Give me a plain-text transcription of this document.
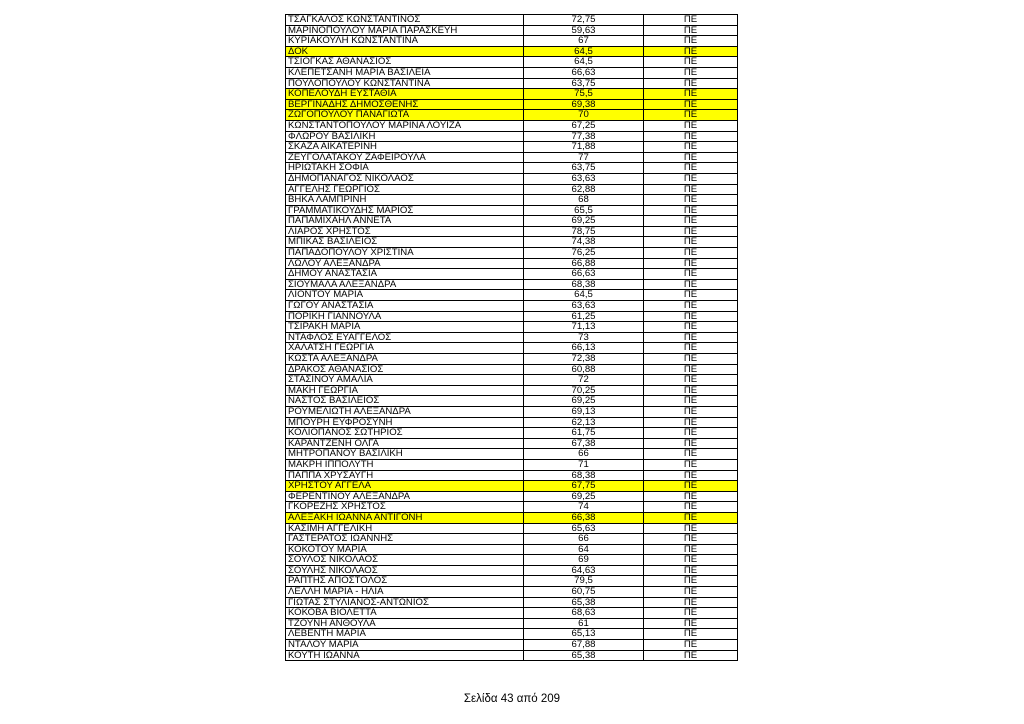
ΤΣΑΓΚΑΛΟΣ ΚΩΝΣΤΑΝΤΙΝΟΣ	72,75	ΠΕ
ΜΑΡΙΝΟΠΟΥΛΟΥ ΜΑΡΙΑ ΠΑΡΑΣΚΕΥΗ	59,63	ΠΕ
ΚΥΡΙΑΚΟΥΛΗ ΚΩΝΣΤΑΝΤΙΝΑ	67	ΠΕ
ΔΟΚ	64,5	ΠΕ
ΤΣΙΟΓΚΑΣ ΑΘΑΝΑΣΙΟΣ	64,5	ΠΕ
ΚΛΕΠΕΤΣΑΝΗ ΜΑΡΙΑ ΒΑΣΙΛΕΙΑ	66,63	ΠΕ
ΠΟΥΛΟΠΟΥΛΟΥ ΚΩΝΣΤΑΝΤΙΝΑ	63,75	ΠΕ
ΚΟΠΕΛΟΥΔΗ ΕΥΣΤΑΘΙΑ	75,5	ΠΕ
ΒΕΡΓΙΝΑΔΗΣ ΔΗΜΟΣΘΕΝΗΣ	69,38	ΠΕ
ΖΩΓΟΠΟΥΛΟΥ ΠΑΝΑΓΙΩΤΑ	70	ΠΕ
ΚΩΝΣΤΑΝΤΟΠΟΥΛΟΥ ΜΑΡΙΝΑ ΛΟΥΙΖΑ	67,25	ΠΕ
ΦΛΩΡΟΥ ΒΑΣΙΛΙΚΗ	77,38	ΠΕ
ΣΚΑΖΑ ΑΙΚΑΤΕΡΙΝΗ	71,88	ΠΕ
ΖΕΥΓΟΛΑΤΑΚΟΥ ΖΑΦΕΙΡΟΥΛΑ	77	ΠΕ
ΗΡΙΩΤΑΚΗ ΣΟΦΙΑ	63,75	ΠΕ
ΔΗΜΟΠΑΝΑΓΟΣ ΝΙΚΟΛΑΟΣ	63,63	ΠΕ
ΑΓΓΕΛΗΣ ΓΕΩΡΓΙΟΣ	62,88	ΠΕ
ΒΗΚΑ ΛΑΜΠΡΙΝΗ	68	ΠΕ
ΓΡΑΜΜΑΤΙΚΟΥΔΗΣ ΜΑΡΙΟΣ	65,5	ΠΕ
ΠΑΠΑΜΙΧΑΗΛ ΑΝΝΕΤΑ	69,25	ΠΕ
ΛΙΑΡΟΣ ΧΡΗΣΤΟΣ	78,75	ΠΕ
ΜΠΙΚΑΣ ΒΑΣΙΛΕΙΟΣ	74,38	ΠΕ
ΠΑΠΑΔΟΠΟΥΛΟΥ ΧΡΙΣΤΙΝΑ	76,25	ΠΕ
ΛΩΛΟΥ ΑΛΕΞΑΝΔΡΑ	66,88	ΠΕ
ΔΗΜΟΥ ΑΝΑΣΤΑΣΙΑ	66,63	ΠΕ
ΣΙΟΥΜΑΛΑ ΑΛΕΞΑΝΔΡΑ	68,38	ΠΕ
ΛΙΟΝΤΟΥ ΜΑΡΙΑ	64,5	ΠΕ
ΓΩΓΟΥ ΑΝΑΣΤΑΣΙΑ	63,63	ΠΕ
ΠΟΡΙΚΗ ΓΙΑΝΝΟΥΛΑ	61,25	ΠΕ
ΤΣΙΡΑΚΗ ΜΑΡΙΑ	71,13	ΠΕ
ΝΤΑΦΛΟΣ ΕΥΑΓΓΕΛΟΣ	73	ΠΕ
ΧΑΛΑΤΣΗ ΓΕΩΡΓΙΑ	66,13	ΠΕ
ΚΩΣΤΑ ΑΛΕΞΑΝΔΡΑ	72,38	ΠΕ
ΔΡΑΚΟΣ ΑΘΑΝΑΣΙΟΣ	60,88	ΠΕ
ΣΤΑΣΙΝΟΥ ΑΜΑΛΙΑ	72	ΠΕ
ΜΑΚΗ ΓΕΩΡΓΙΑ	70,25	ΠΕ
ΝΑΣΤΟΣ ΒΑΣΙΛΕΙΟΣ	69,25	ΠΕ
ΡΟΥΜΕΛΙΩΤΗ ΑΛΕΞΑΝΔΡΑ	69,13	ΠΕ
ΜΠΟΥΡΗ ΕΥΦΡΟΣΥΝΗ	62,13	ΠΕ
ΚΟΛΙΟΠΑΝΟΣ ΣΩΤΗΡΙΟΣ	61,75	ΠΕ
ΚΑΡΑΝΤΖΕΝΗ ΟΛΓΑ	67,38	ΠΕ
ΜΗΤΡΟΠΑΝΟΥ ΒΑΣΙΛΙΚΗ	66	ΠΕ
ΜΑΚΡΗ ΙΠΠΟΛΥΤΗ	71	ΠΕ
ΠΑΠΠΑ ΧΡΥΣΑΥΓΗ	68,38	ΠΕ
ΧΡΗΣΤΟΥ ΑΓΓΕΛΑ	67,75	ΠΕ
ΦΕΡΕΝΤΙΝΟΥ ΑΛΕΞΑΝΔΡΑ	69,25	ΠΕ
ΓΚΟΡΕΖΗΣ ΧΡΗΣΤΟΣ	74	ΠΕ
ΑΛΕΞΑΚΗ ΙΩΑΝΝΑ ΑΝΤΙΓΟΝΗ	66,38	ΠΕ
ΚΑΣΙΜΗ ΑΓΓΕΛΙΚΗ	65,63	ΠΕ
ΓΑΣΤΕΡΑΤΟΣ ΙΩΑΝΝΗΣ	66	ΠΕ
ΚΟΚΟΤΟΥ ΜΑΡΙΑ	64	ΠΕ
ΣΟΥΛΟΣ ΝΙΚΟΛΑΟΣ	69	ΠΕ
ΣΟΥΛΗΣ ΝΙΚΟΛΑΟΣ	64,63	ΠΕ
ΡΑΠΤΗΣ ΑΠΟΣΤΟΛΟΣ	79,5	ΠΕ
ΛΕΛΛΗ ΜΑΡΙΑ - ΗΛΙΑ	60,75	ΠΕ
ΓΙΩΤΑΣ ΣΤΥΛΙΑΝΟΣ-ΑΝΤΩΝΙΟΣ	65,38	ΠΕ
ΚΟΚΟΒΑ ΒΙΟΛΕΤΤΑ	68,63	ΠΕ
ΤΖΟΥΝΗ ΑΝΘΟΥΛΑ	61	ΠΕ
ΛΕΒΕΝΤΗ ΜΑΡΙΑ	65,13	ΠΕ
ΝΤΑΛΟΥ ΜΑΡΙΑ	67,88	ΠΕ
ΚΟΥΤΗ ΙΩΑΝΝΑ	65,38	ΠΕ
Σελίδα 43 από 209
